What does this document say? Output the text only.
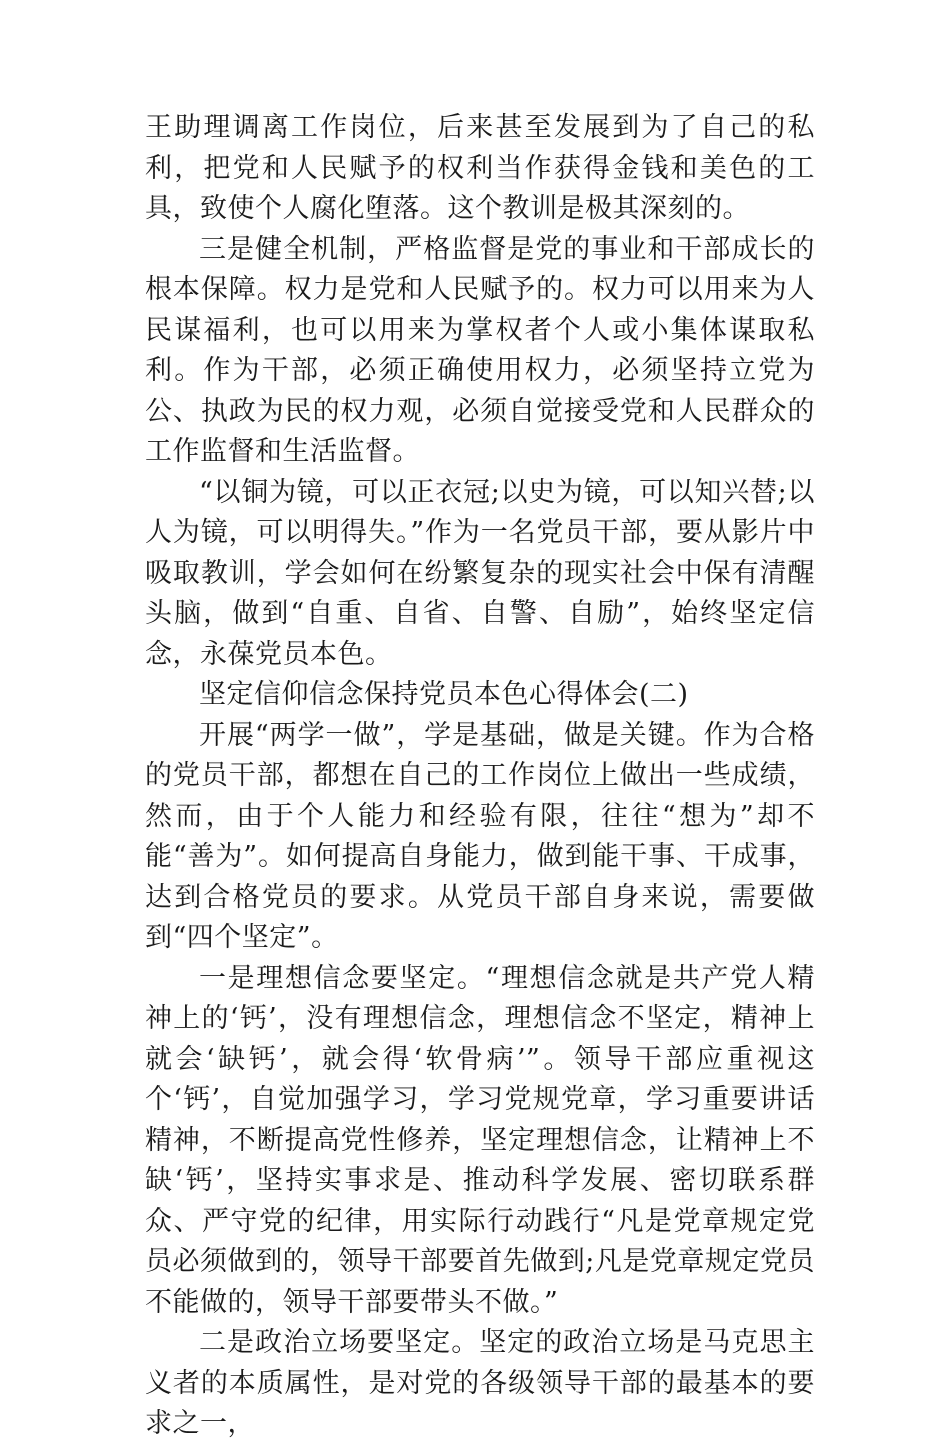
王助理调离工作岗位，后来甚至发展到为了自己的私利，把党和人民赋予的权利当作获得金钱和美色的工具，致使个人腐化堕落。这个教训是极其深刻的。

三是健全机制，严格监督是党的事业和干部成长的根本保障。权力是党和人民赋予的。权力可以用来为人民谋福利，也可以用来为掌权者个人或小集体谋取私利。作为干部，必须正确使用权力，必须坚持立党为公、执政为民的权力观，必须自觉接受党和人民群众的工作监督和生活监督。

“以铜为镜，可以正衣冠;以史为镜，可以知兴替;以人为镜，可以明得失。”作为一名党员干部，要从影片中吸取教训，学会如何在纷繁复杂的现实社会中保有清醒头脑，做到“自重、自省、自警、自励”，始终坚定信念，永葆党员本色。

坚定信仰信念保持党员本色心得体会(二)

开展“两学一做”，学是基础，做是关键。作为合格的党员干部，都想在自己的工作岗位上做出一些成绩，然而，由于个人能力和经验有限，往往“想为”却不能“善为”。如何提高自身能力，做到能干事、干成事，达到合格党员的要求。从党员干部自身来说，需要做到“四个坚定”。

一是理想信念要坚定。“理想信念就是共产党人精神上的‘钙’，没有理想信念，理想信念不坚定，精神上就会‘缺钙’，就会得‘软骨病’”。领导干部应重视这个‘钙’，自觉加强学习，学习党规党章，学习重要讲话精神，不断提高党性修养，坚定理想信念，让精神上不缺‘钙’，坚持实事求是、推动科学发展、密切联系群众、严守党的纪律，用实际行动践行“凡是党章规定党员必须做到的，领导干部要首先做到;凡是党章规定党员不能做的，领导干部要带头不做。”

二是政治立场要坚定。坚定的政治立场是马克思主义者的本质属性，是对党的各级领导干部的最基本的要求之一，
